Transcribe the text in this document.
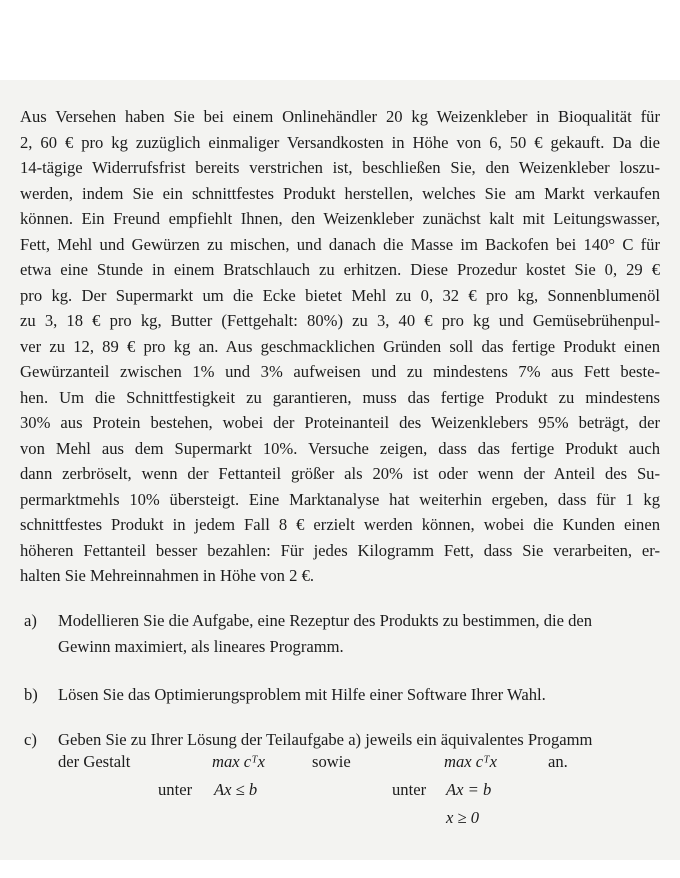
Aus Versehen haben Sie bei einem Onlinehändler 20 kg Weizenkleber in Bioqualität für
2, 60 € pro kg zuzüglich einmaliger Versandkosten in Höhe von 6, 50 € gekauft. Da die
14-tägige Widerrufsfrist bereits verstrichen ist, beschließen Sie, den Weizenkleber loszu-
werden, indem Sie ein schnittfestes Produkt herstellen, welches Sie am Markt verkaufen
können. Ein Freund empfiehlt Ihnen, den Weizenkleber zunächst kalt mit Leitungswasser,
Fett, Mehl und Gewürzen zu mischen, und danach die Masse im Backofen bei 140° C für
etwa eine Stunde in einem Bratschlauch zu erhitzen. Diese Prozedur kostet Sie 0, 29 €
pro kg. Der Supermarkt um die Ecke bietet Mehl zu 0, 32 € pro kg, Sonnenblumenöl
zu 3, 18 € pro kg, Butter (Fettgehalt: 80%) zu 3, 40 € pro kg und Gemüsebrühenpul-
ver zu 12, 89 € pro kg an. Aus geschmacklichen Gründen soll das fertige Produkt einen
Gewürzanteil zwischen 1% und 3% aufweisen und zu mindestens 7% aus Fett beste-
hen. Um die Schnittfestigkeit zu garantieren, muss das fertige Produkt zu mindestens
30% aus Protein bestehen, wobei der Proteinanteil des Weizenklebers 95% beträgt, der
von Mehl aus dem Supermarkt 10%. Versuche zeigen, dass das fertige Produkt auch
dann zerbröselt, wenn der Fettanteil größer als 20% ist oder wenn der Anteil des Su-
permarktmehls 10% übersteigt. Eine Marktanalyse hat weiterhin ergeben, dass für 1 kg
schnittfestes Produkt in jedem Fall 8 € erzielt werden können, wobei die Kunden einen
höheren Fettanteil besser bezahlen: Für jedes Kilogramm Fett, dass Sie verarbeiten, er-
halten Sie Mehreinnahmen in Höhe von 2 €.
a) Modellieren Sie die Aufgabe, eine Rezeptur des Produkts zu bestimmen, die den
Gewinn maximiert, als lineares Programm.
b) Lösen Sie das Optimierungsproblem mit Hilfe einer Software Ihrer Wahl.
c) Geben Sie zu Ihrer Lösung der Teilaufgabe a) jeweils ein äquivalentes Progamm
der Gestalt	max cᵀx	sowie	max cᵀx	an.
unter Ax ≤ b	unter Ax = b
x ≥ 0
